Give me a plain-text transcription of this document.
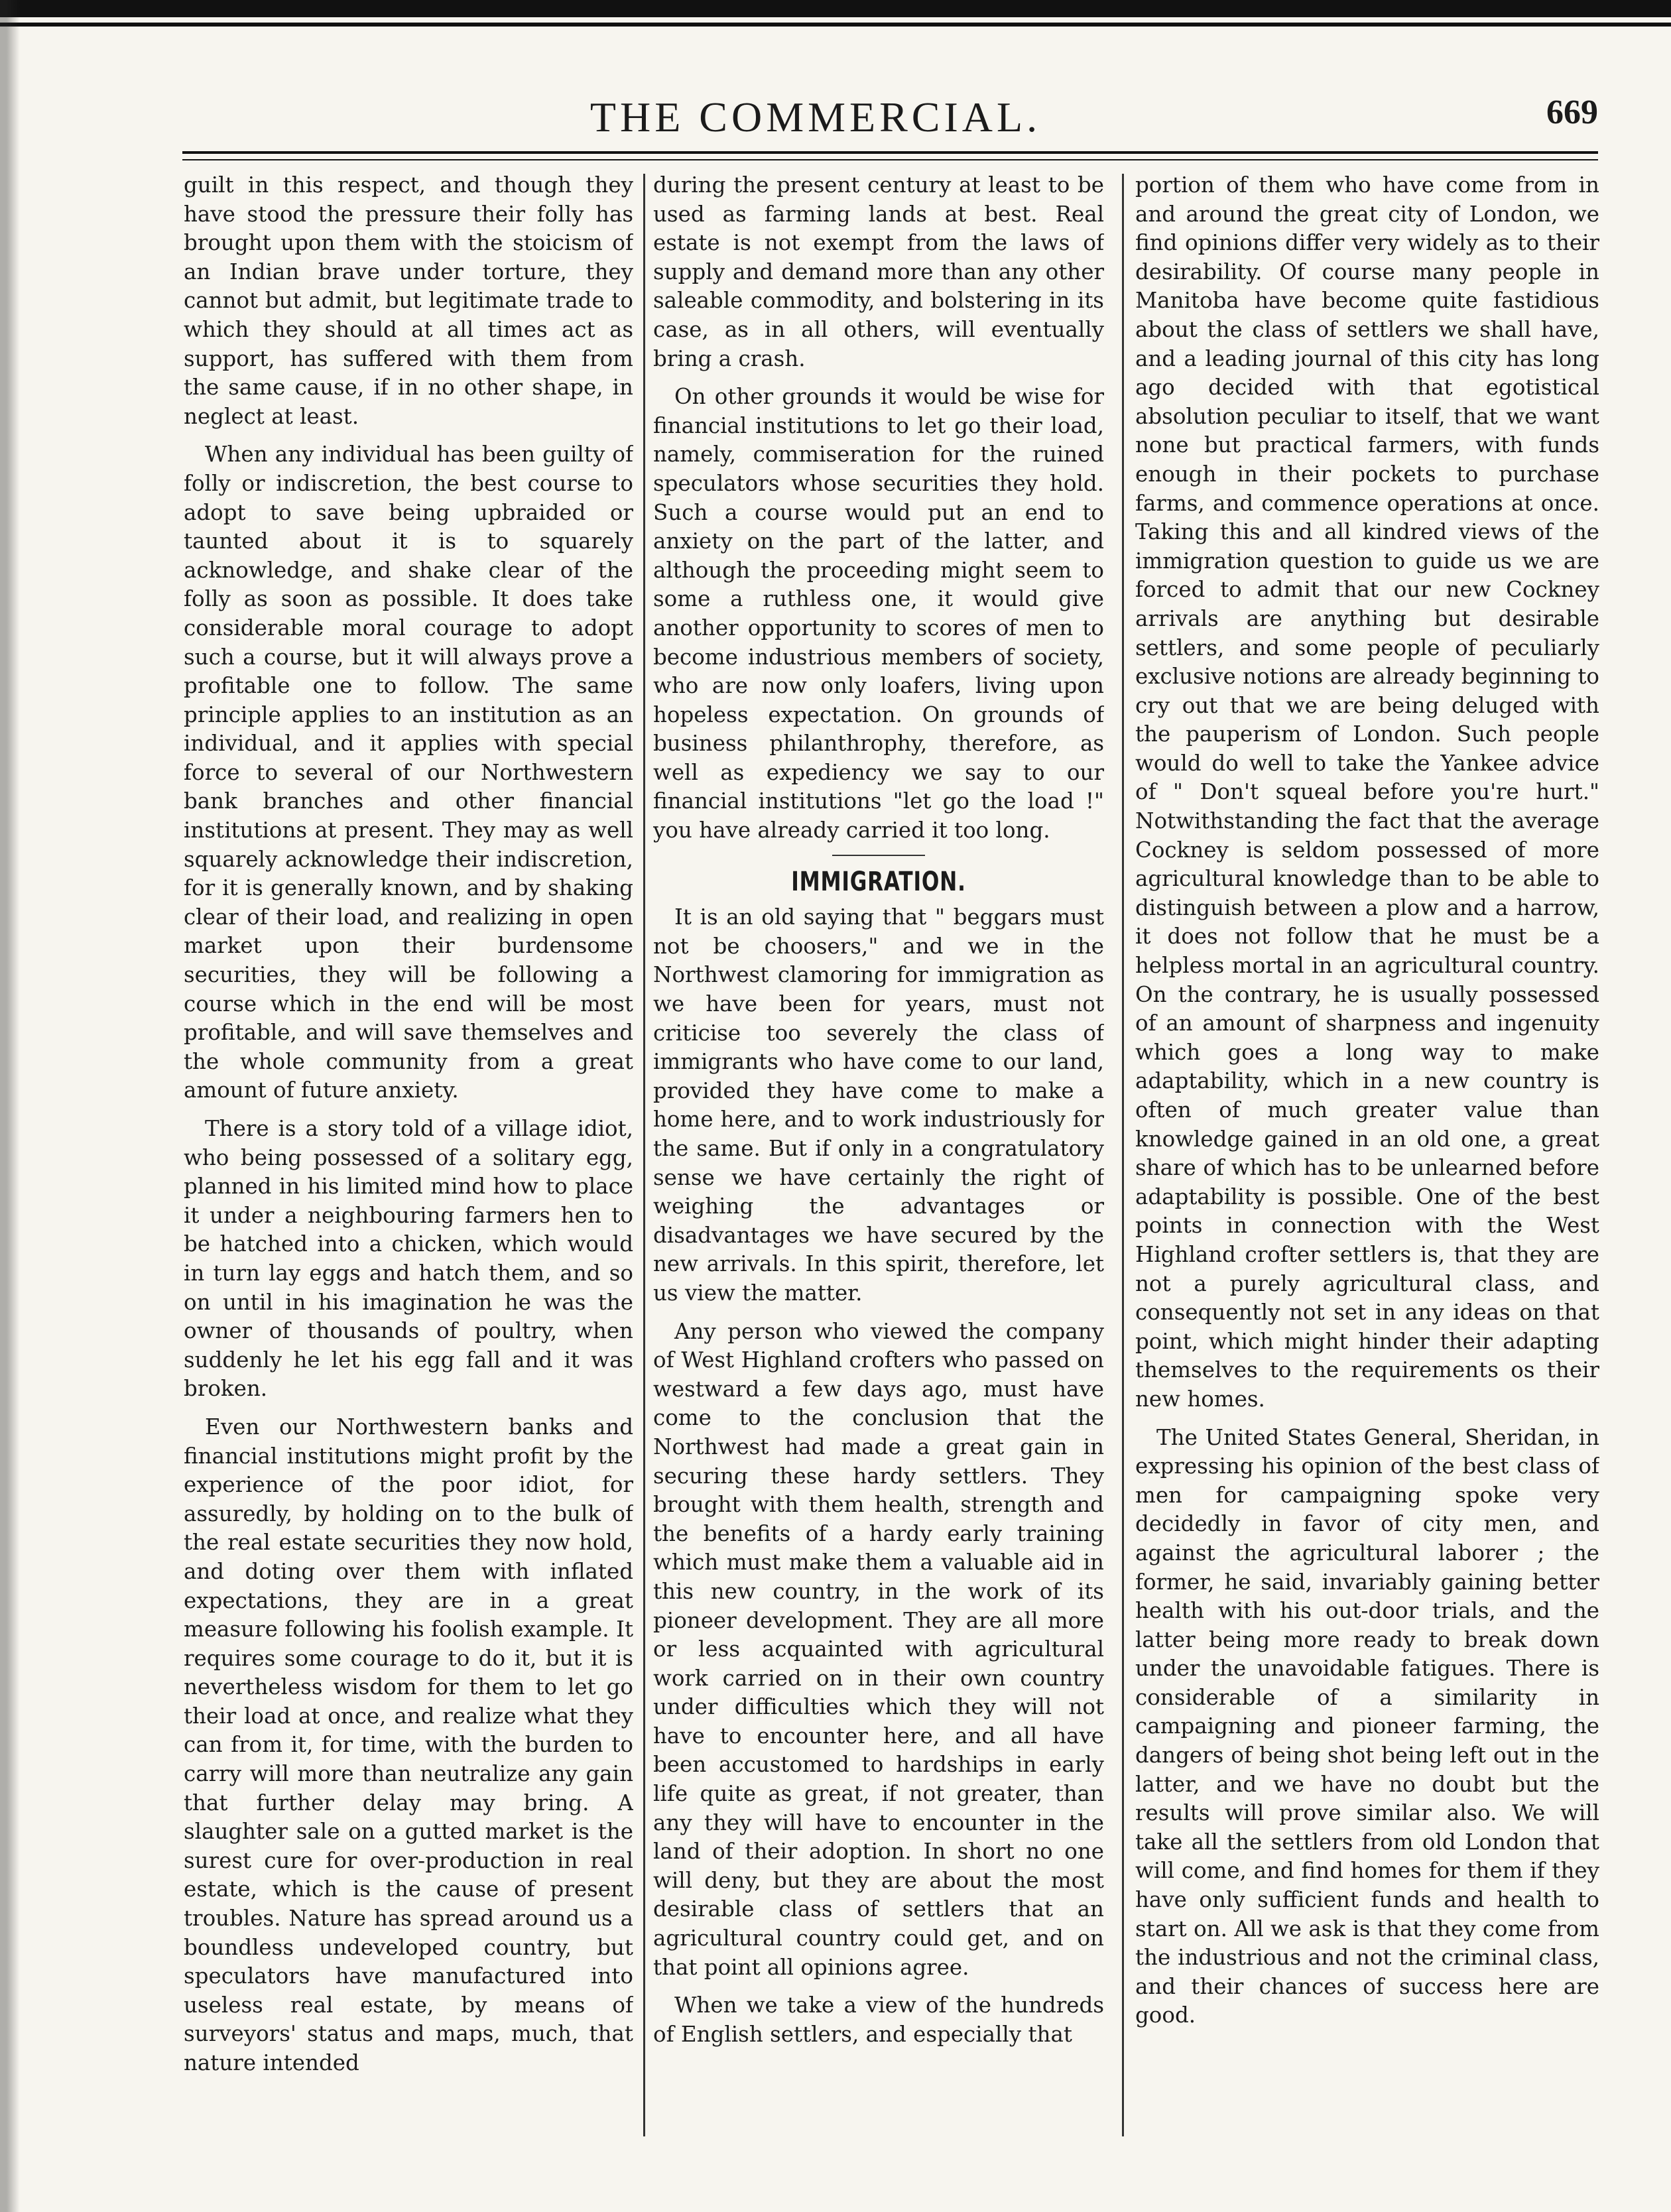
THE COMMERCIAL.	669

guilt in this respect, and though they have stood the pressure their folly has brought upon them with the stoicism of an Indian brave under torture, they cannot but admit, but legitimate trade to which they should at all times act as support, has suffered with them from the same cause, if in no other shape, in neglect at least.

When any individual has been guilty of folly or indiscretion, the best course to adopt to save being upbraided or taunted about it is to squarely acknowledge, and shake clear of the folly as soon as possible. It does take considerable moral courage to adopt such a course, but it will always prove a profitable one to follow. The same principle applies to an institution as an individual, and it applies with special force to several of our Northwestern bank branches and other financial institutions at present. They may as well squarely acknowledge their indiscretion, for it is generally known, and by shaking clear of their load, and realizing in open market upon their burdensome securities, they will be following a course which in the end will be most profitable, and will save themselves and the whole community from a great amount of future anxiety.

There is a story told of a village idiot, who being possessed of a solitary egg, planned in his limited mind how to place it under a neighbouring farmers hen to be hatched into a chicken, which would in turn lay eggs and hatch them, and so on until in his imagination he was the owner of thousands of poultry, when suddenly he let his egg fall and it was broken.

Even our Northwestern banks and financial institutions might profit by the experience of the poor idiot, for assuredly, by holding on to the bulk of the real estate securities they now hold, and doting over them with inflated expectations, they are in a great measure following his foolish example. It requires some courage to do it, but it is nevertheless wisdom for them to let go their load at once, and realize what they can from it, for time, with the burden to carry will more than neutralize any gain that further delay may bring. A slaughter sale on a gutted market is the surest cure for over-production in real estate, which is the cause of present troubles. Nature has spread around us a boundless undeveloped country, but speculators have manufactured into useless real estate, by means of surveyors' status and maps, much, that nature intended

during the present century at least to be used as farming lands at best. Real estate is not exempt from the laws of supply and demand more than any other saleable commodity, and bolstering in its case, as in all others, will eventually bring a crash.

On other grounds it would be wise for financial institutions to let go their load, namely, commiseration for the ruined speculators whose securities they hold. Such a course would put an end to anxiety on the part of the latter, and although the proceeding might seem to some a ruthless one, it would give another opportunity to scores of men to become industrious members of society, who are now only loafers, living upon hopeless expectation. On grounds of business philanthrophy, therefore, as well as expediency we say to our financial institutions "let go the load !" you have already carried it too long.

IMMIGRATION.

It is an old saying that " beggars must not be choosers," and we in the Northwest clamoring for immigration as we have been for years, must not criticise too severely the class of immigrants who have come to our land, provided they have come to make a home here, and to work industriously for the same. But if only in a congratulatory sense we have certainly the right of weighing the advantages or disadvantages we have secured by the new arrivals. In this spirit, therefore, let us view the matter.

Any person who viewed the company of West Highland crofters who passed on westward a few days ago, must have come to the conclusion that the Northwest had made a great gain in securing these hardy settlers. They brought with them health, strength and the benefits of a hardy early training which must make them a valuable aid in this new country, in the work of its pioneer development. They are all more or less acquainted with agricultural work carried on in their own country under difficulties which they will not have to encounter here, and all have been accustomed to hardships in early life quite as great, if not greater, than any they will have to encounter in the land of their adoption. In short no one will deny, but they are about the most desirable class of settlers that an agricultural country could get, and on that point all opinions agree.

When we take a view of the hundreds of English settlers, and especially that

portion of them who have come from in and around the great city of London, we find opinions differ very widely as to their desirability. Of course many people in Manitoba have become quite fastidious about the class of settlers we shall have, and a leading journal of this city has long ago decided with that egotistical absolution peculiar to itself, that we want none but practical farmers, with funds enough in their pockets to purchase farms, and commence operations at once. Taking this and all kindred views of the immigration question to guide us we are forced to admit that our new Cockney arrivals are anything but desirable settlers, and some people of peculiarly exclusive notions are already beginning to cry out that we are being deluged with the pauperism of London. Such people would do well to take the Yankee advice of " Don't squeal before you're hurt." Notwithstanding the fact that the average Cockney is seldom possessed of more agricultural knowledge than to be able to distinguish between a plow and a harrow, it does not follow that he must be a helpless mortal in an agricultural country. On the contrary, he is usually possessed of an amount of sharpness and ingenuity which goes a long way to make adaptability, which in a new country is often of much greater value than knowledge gained in an old one, a great share of which has to be unlearned before adaptability is possible. One of the best points in connection with the West Highland crofter settlers is, that they are not a purely agricultural class, and consequently not set in any ideas on that point, which might hinder their adapting themselves to the requirements os their new homes.

The United States General, Sheridan, in expressing his opinion of the best class of men for campaigning spoke very decidedly in favor of city men, and against the agricultural laborer ; the former, he said, invariably gaining better health with his out-door trials, and the latter being more ready to break down under the unavoidable fatigues. There is considerable of a similarity in campaigning and pioneer farming, the dangers of being shot being left out in the latter, and we have no doubt but the results will prove similar also. We will take all the settlers from old London that will come, and find homes for them if they have only sufficient funds and health to start on. All we ask is that they come from the industrious and not the criminal class, and their chances of success here are good.
